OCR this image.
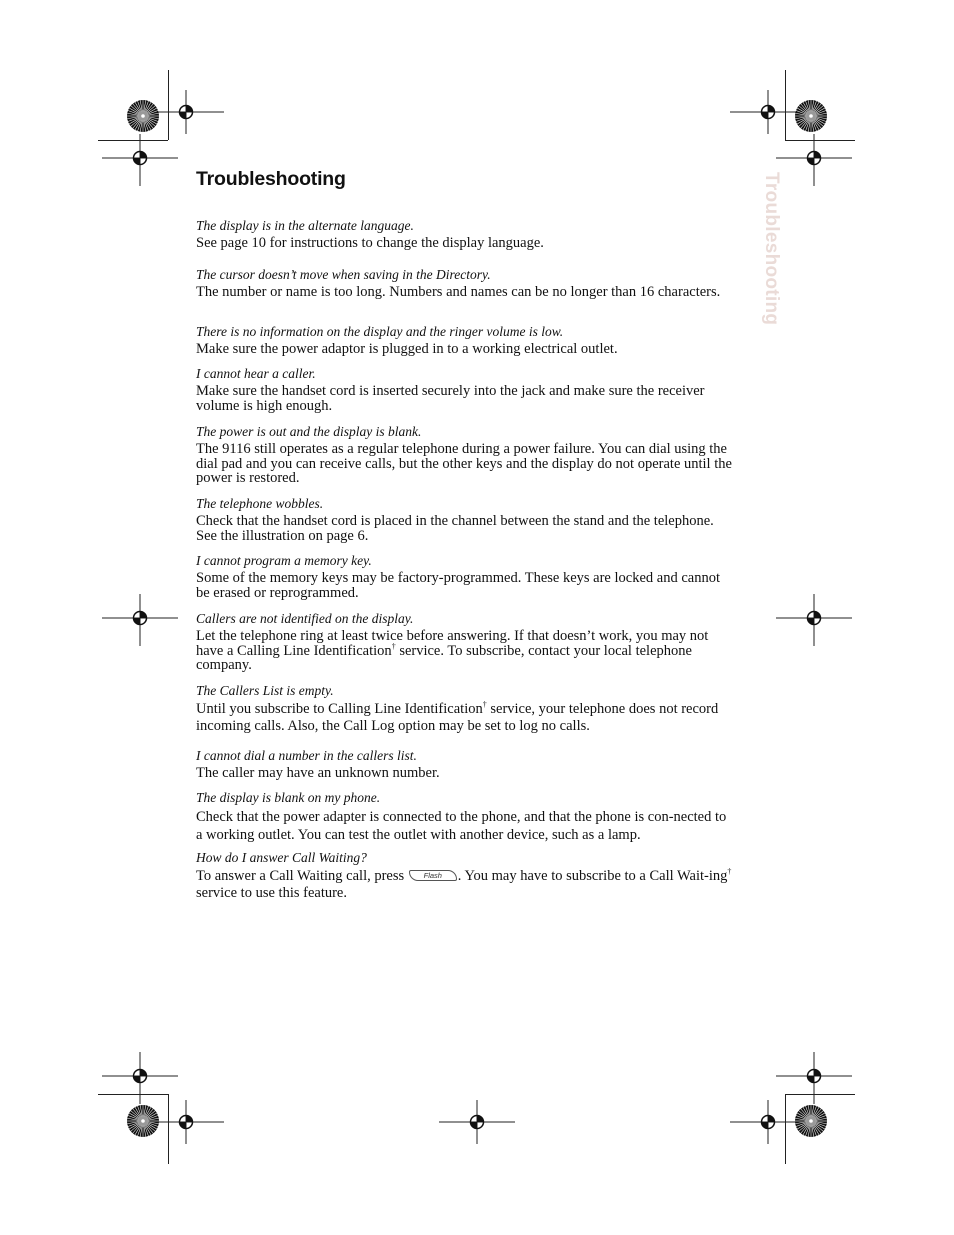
Troubleshooting	Troubleshooting

The display is in the alternate language.

See page 10 for instructions to change the display language.

The cursor doesn’t move when saving in the Directory.

The number or name is too long. Numbers and names can be no longer than 16 characters.

There is no information on the display and the ringer volume is low.

Make sure the power adaptor is plugged in to a working electrical outlet.

I cannot hear a caller.

Make sure the handset cord is inserted securely into the jack and make sure the receiver volume is high enough.

The power is out and the display is blank.

The 9116 still operates as a regular telephone during a power failure. You can dial using the dial pad and you can receive calls, but the other keys and the display do not operate until the power is restored.

The telephone wobbles.

Check that the handset cord is placed in the channel between the stand and the telephone. See the illustration on page 6.

I cannot program a memory key.

Some of the memory keys may be factory-programmed. These keys are locked and cannot be erased or reprogrammed.

Callers are not identified on the display.

Let the telephone ring at least twice before answering. If that doesn’t work, you may not have a Calling Line Identification† service. To subscribe, contact your local telephone company.

The Callers List is empty.

Until you subscribe to Calling Line Identification† service, your telephone does not record incoming calls. Also, the Call Log option may be set to log no calls.

I cannot dial a number in the callers list.

The caller may have an unknown number.

The display is blank on my phone.

Check that the power adapter is connected to the phone, and that the phone is con-nected to a working outlet. You can test the outlet with another device, such as a lamp.

How do I answer Call Waiting?

To answer a Call Waiting call, press Flash . You may have to subscribe to a Call Wait-ing† service to use this feature.
